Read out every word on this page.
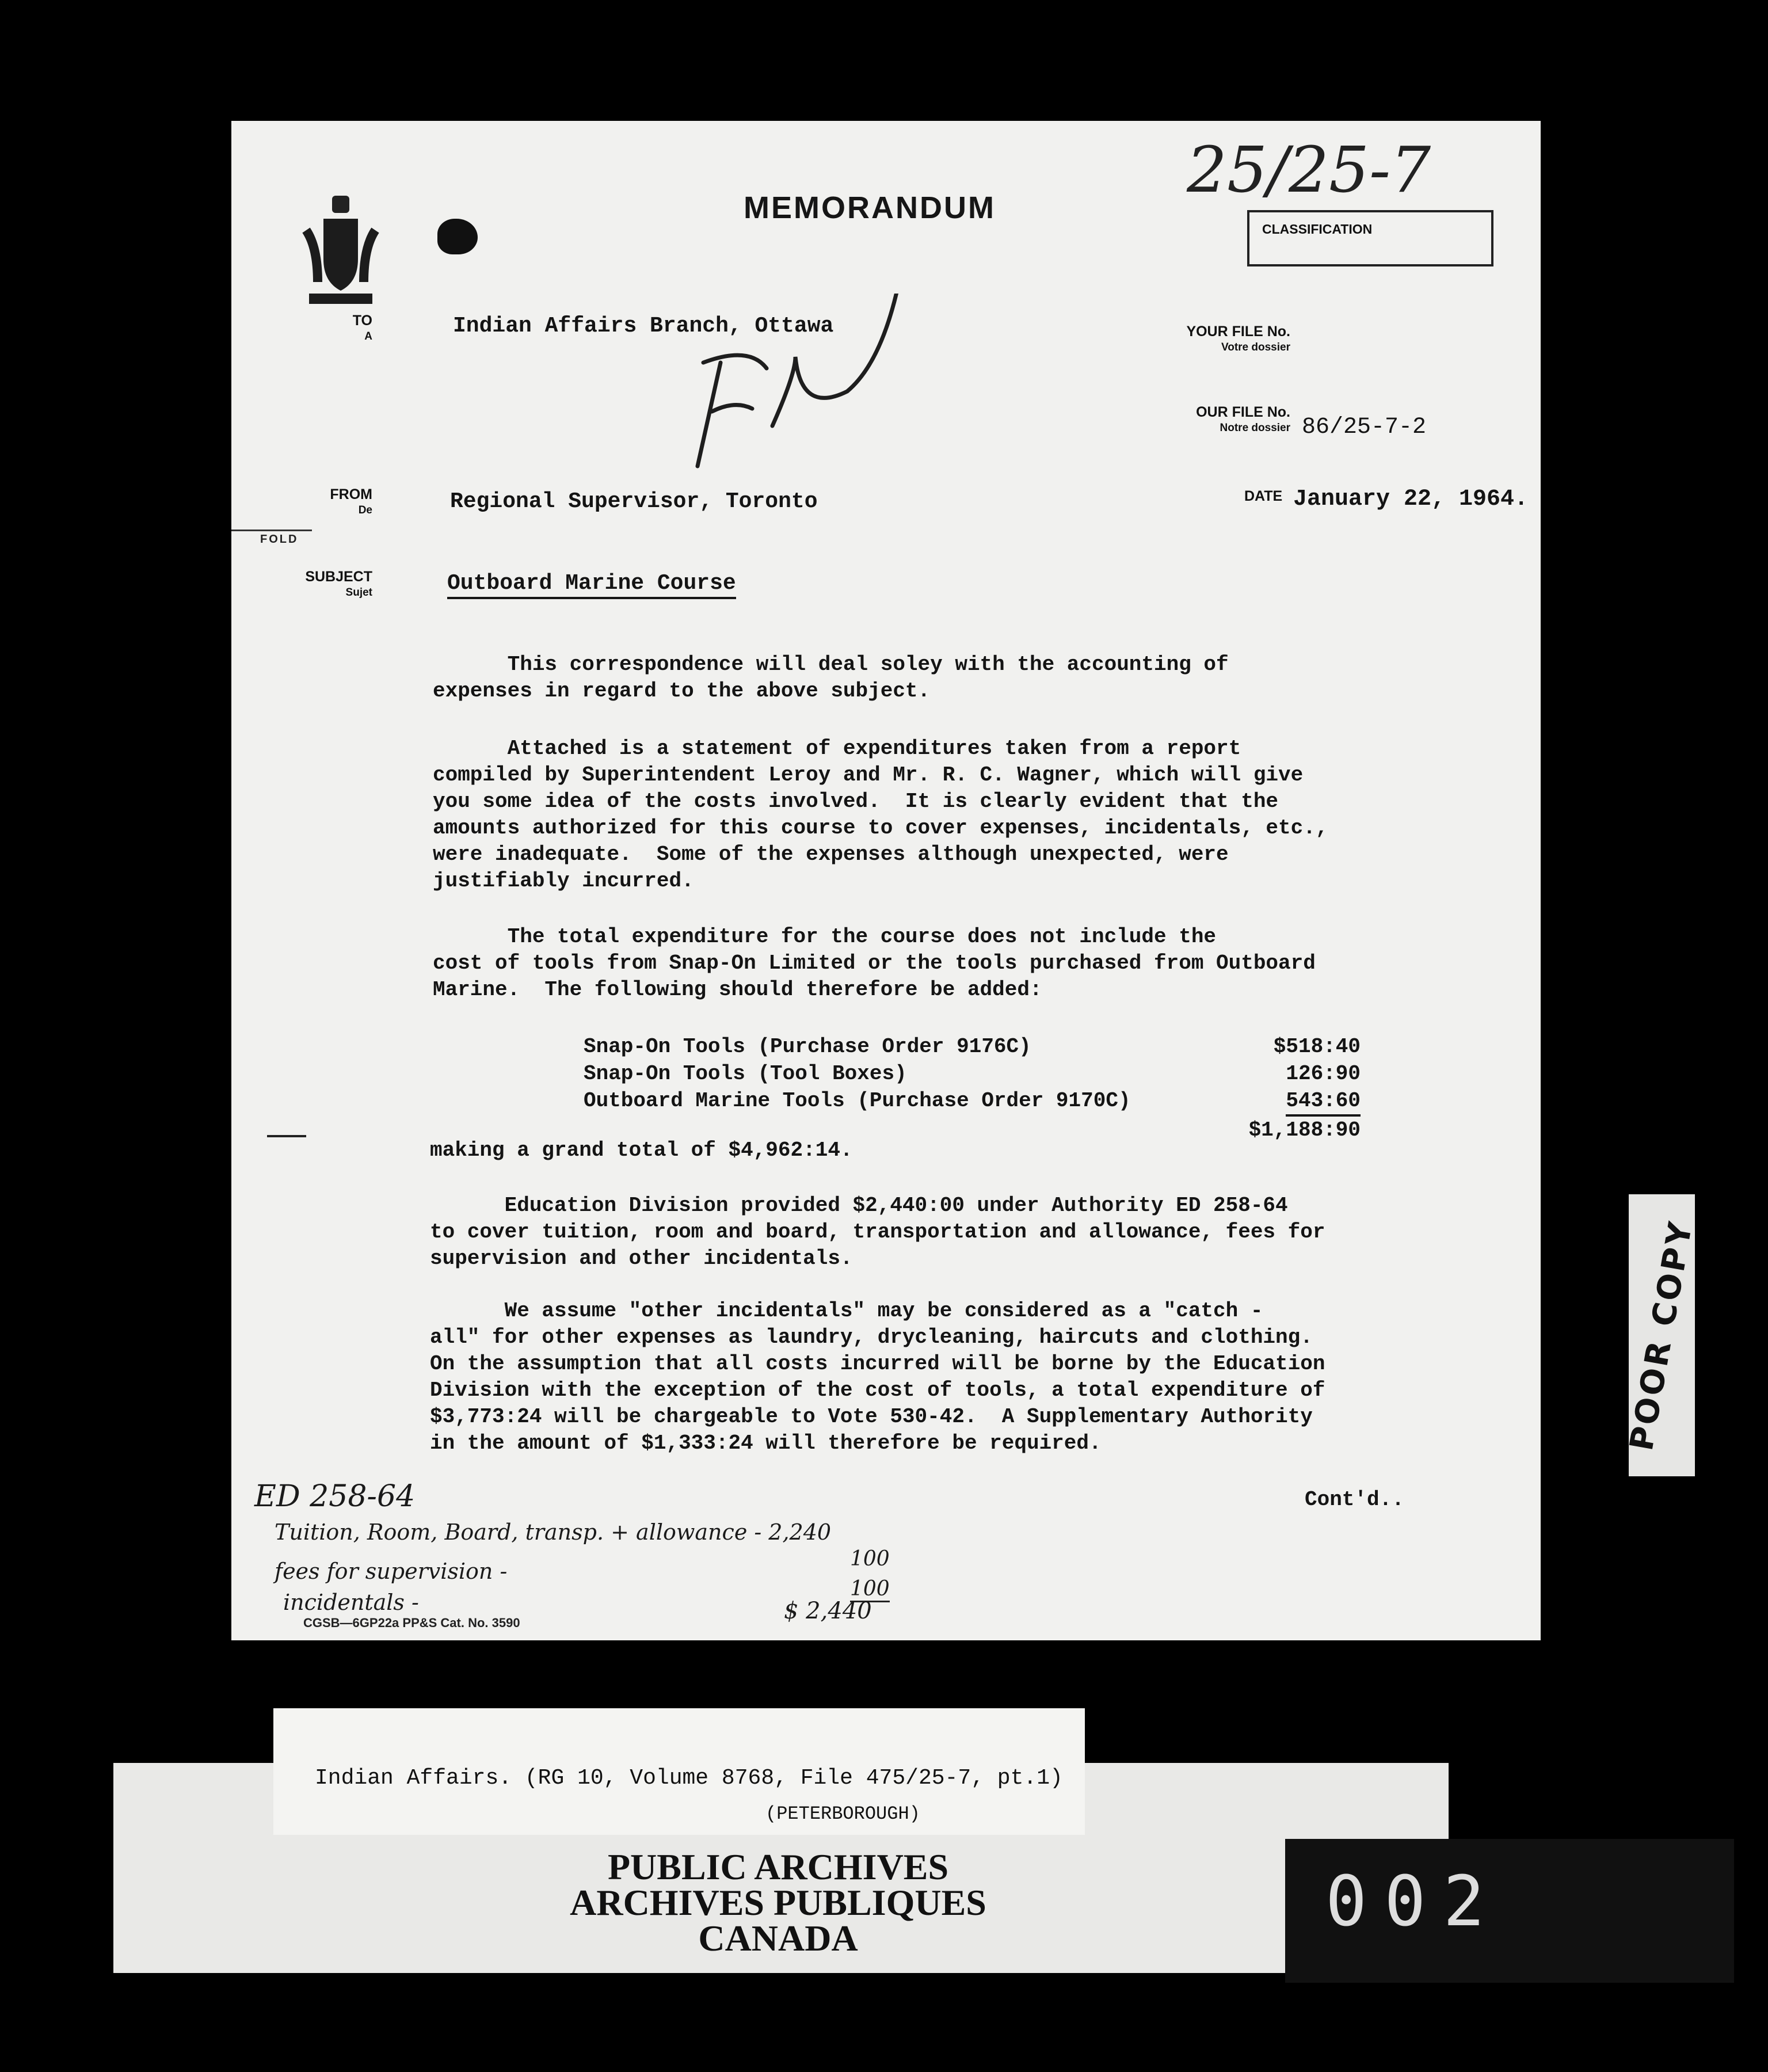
MEMORANDUM
25/25-7
CLASSIFICATION
TO
A	Indian Affairs Branch, Ottawa	YOUR FILE No.
Votre dossier
OUR FILE No.
Notre dossier 86/25-7-2
FROM
De	Regional Supervisor, Toronto	DATE January 22, 1964.
FOLD
SUBJECT
Sujet	Outboard Marine Course
This correspondence will deal soley with the accounting of
expenses in regard to the above subject.
Attached is a statement of expenditures taken from a report
compiled by Superintendent Leroy and Mr. R. C. Wagner, which will give
you some idea of the costs involved.  It is clearly evident that the
amounts authorized for this course to cover expenses, incidentals, etc.,
were inadequate.  Some of the expenses although unexpected, were
justifiably incurred.
The total expenditure for the course does not include the
cost of tools from Snap-On Limited or the tools purchased from Outboard
Marine.  The following should therefore be added:
Snap-On Tools (Purchase Order 9176C)	$518:40
Snap-On Tools (Tool Boxes)	126:90
Outboard Marine Tools (Purchase Order 9170C)	543:60
$1,188:90
making a grand total of $4,962:14.
Education Division provided $2,440:00 under Authority ED 258-64
to cover tuition, room and board, transportation and allowance, fees for
supervision and other incidentals.
We assume "other incidentals" may be considered as a "catch -
all" for other expenses as laundry, drycleaning, haircuts and clothing.
On the assumption that all costs incurred will be borne by the Education
Division with the exception of the cost of tools, a total expenditure of
$3,773:24 will be chargeable to Vote 530-42.  A Supplementary Authority
in the amount of $1,333:24 will therefore be required.
Cont'd..
ED 258-64
Tuition, Room, Board, transp. + allowance - 2,240
100
fees for supervision -
100
incidentals -	$ 2,440
CGSB—6GP22a PP&S Cat. No. 3590
POOR COPY
PUBLIC ARCHIVES
ARCHIVES PUBLIQUES
CANADA
Indian Affairs. (RG 10, Volume 8768, File 475/25-7, pt.1)
(PETERBOROUGH)
002
